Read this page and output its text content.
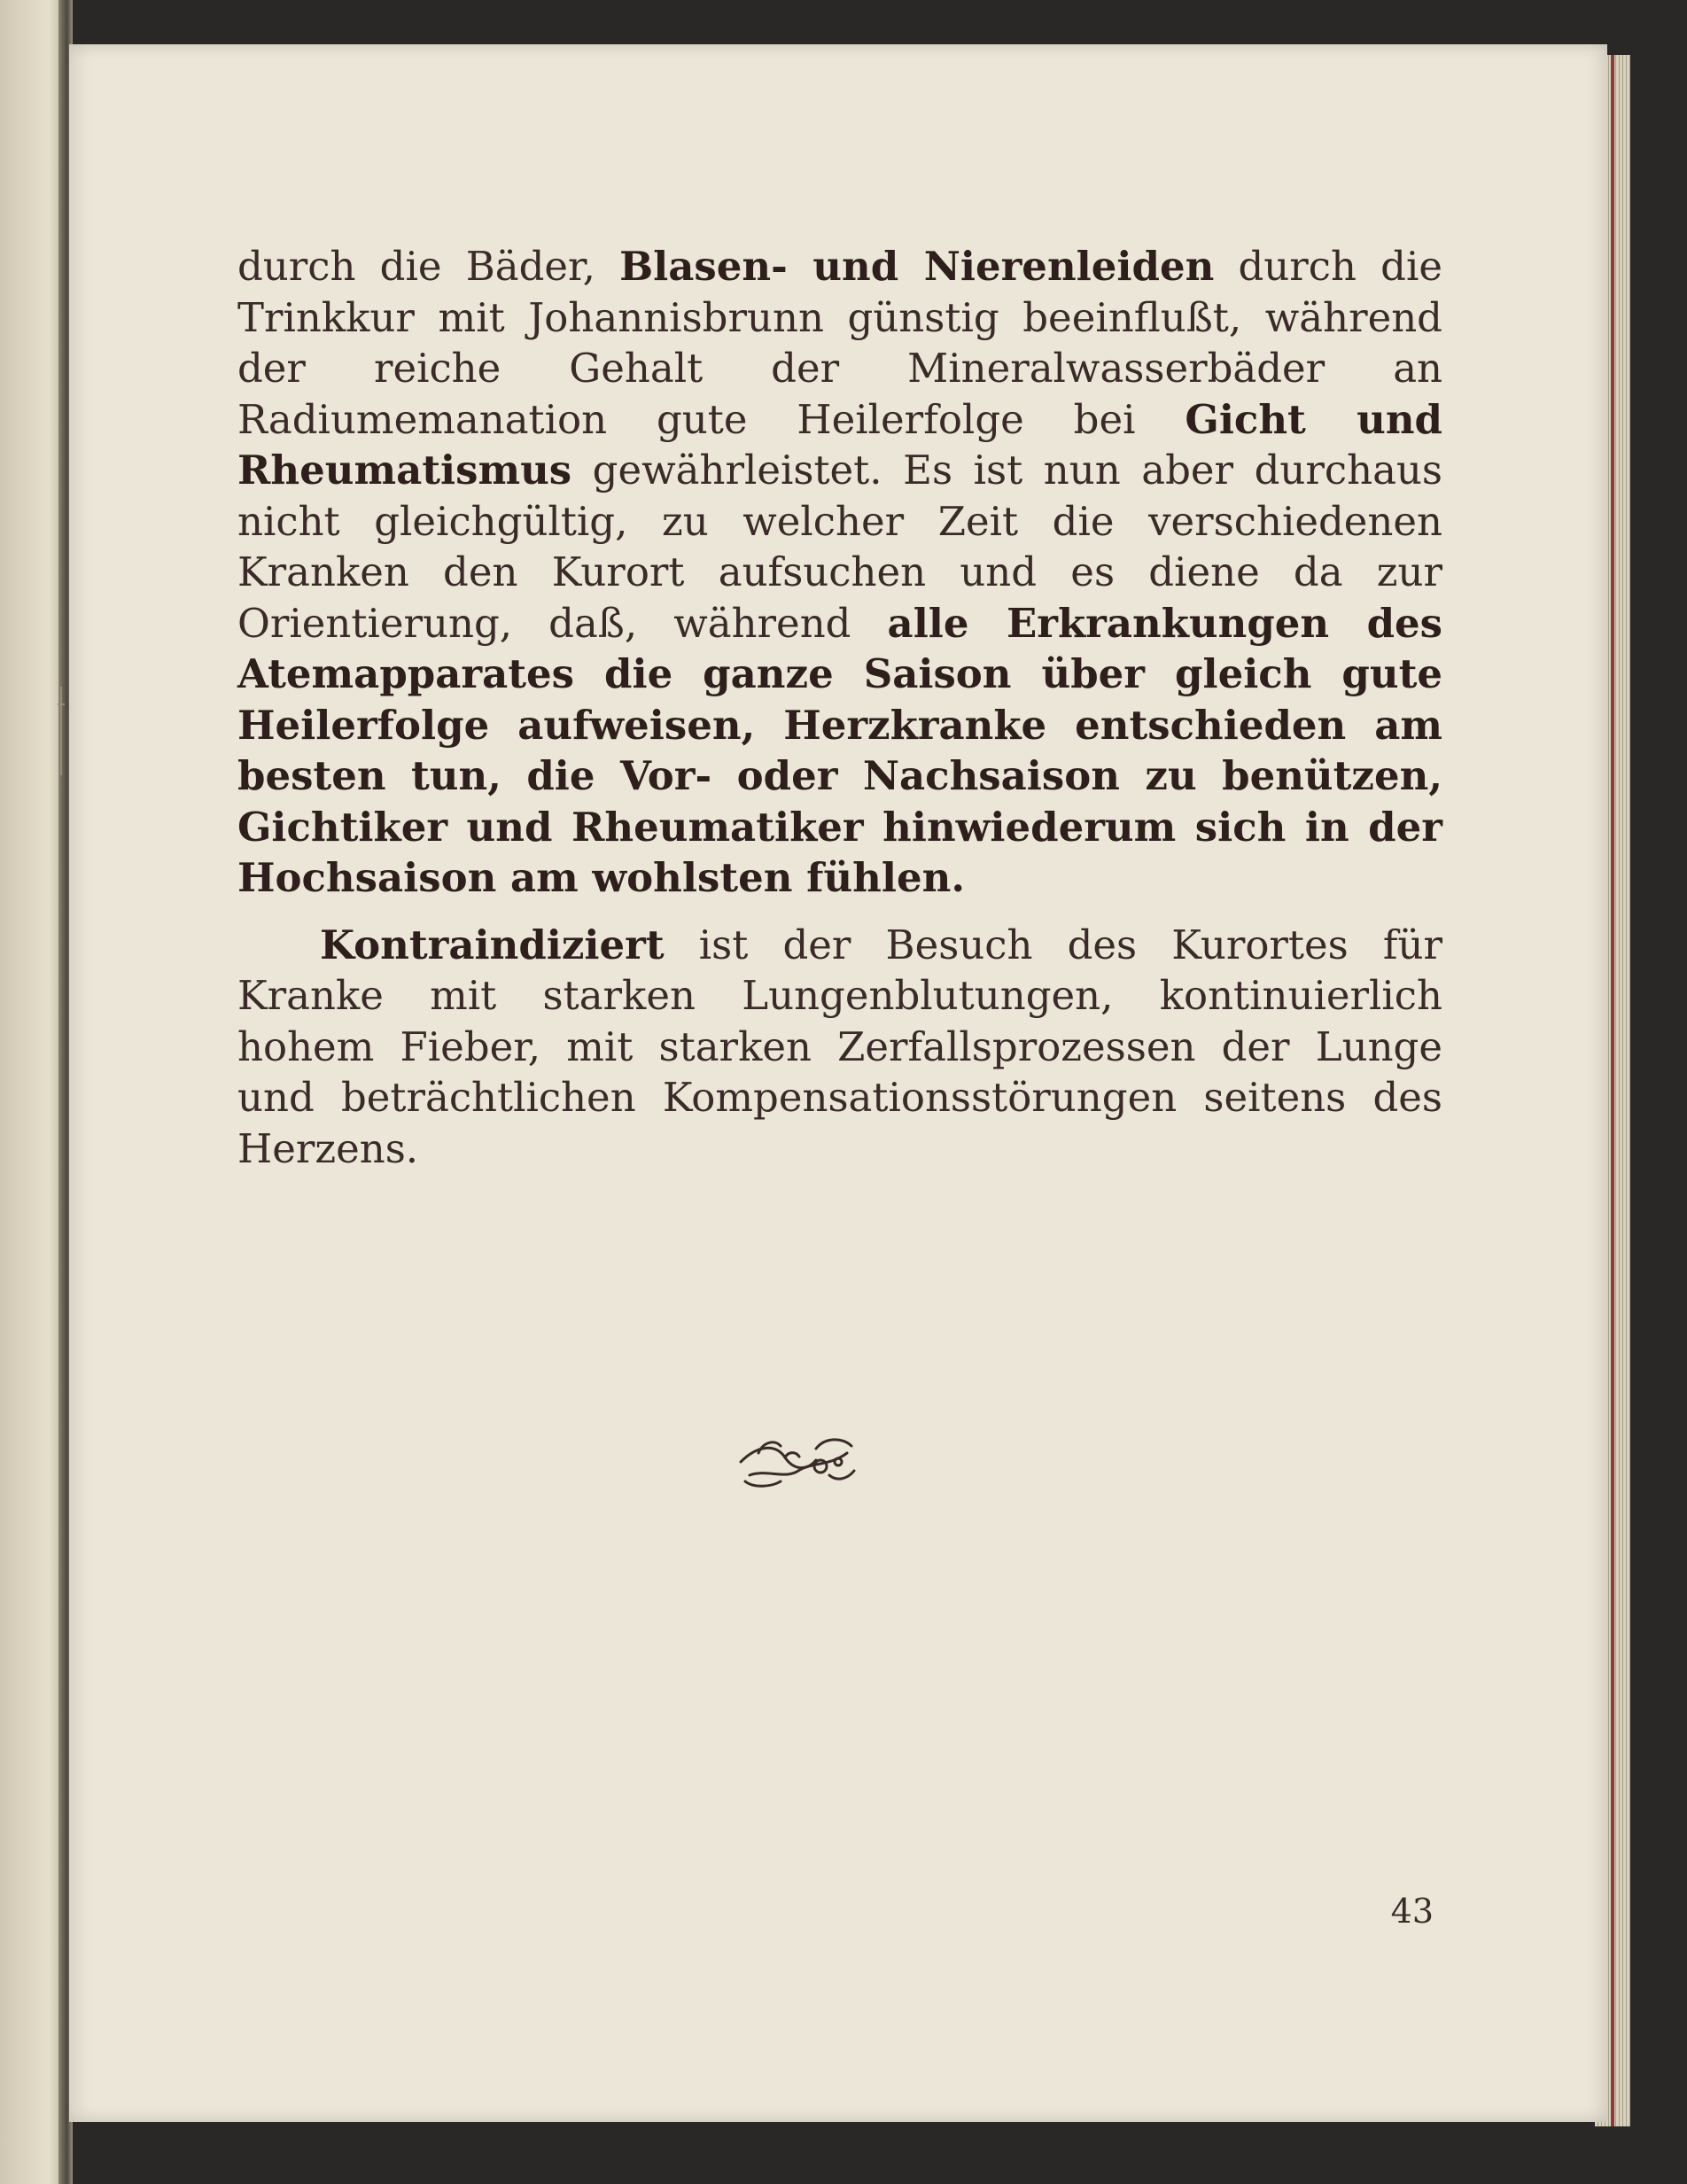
durch die Bäder, Blasen- und Nierenleiden durch die Trinkkur mit Johannisbrunn günstig beeinflußt, während der reiche Gehalt der Mineralwasserbäder an Radiumemanation gute Heilerfolge bei Gicht und Rheumatismus gewährleistet. Es ist nun aber durchaus nicht gleichgültig, zu welcher Zeit die verschiedenen Kranken den Kurort aufsuchen und es diene da zur Orientierung, daß, während alle Erkrankungen des Atemapparates die ganze Saison über gleich gute Heilerfolge aufweisen, Herzkranke entschieden am besten tun, die Vor- oder Nachsaison zu benützen, Gichtiker und Rheumatiker hinwiederum sich in der Hochsaison am wohlsten fühlen.

Kontraindiziert ist der Besuch des Kurortes für Kranke mit starken Lungenblutungen, kontinuierlich hohem Fieber, mit starken Zerfallsprozessen der Lunge und beträchtlichen Kompensationsstörungen seitens des Herzens.

43
